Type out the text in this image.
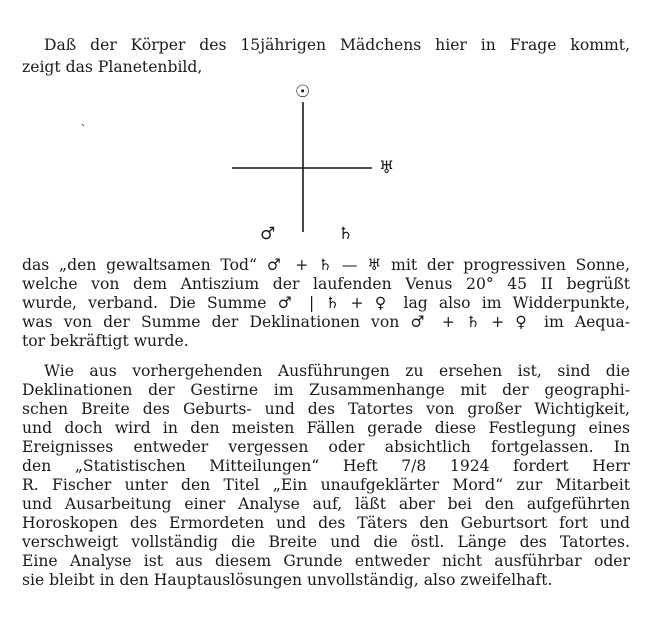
Daß der Körper des 15jährigen Mädchens hier in Frage kommt,
zeigt das Planetenbild,
☉
♅
♂	♄
das „den gewaltsamen Tod“ ♂ + ♄ — ♅ mit der progressiven Sonne,
welche von dem Antiszium der laufenden Venus 20° 45 II begrüßt
wurde, verband. Die Summe ♂ | ♄ + ♀ lag also im Widderpunkte,
was von der Summe der Deklinationen von ♂ + ♄ + ♀ im Aequa-
tor bekräftigt wurde.
Wie aus vorhergehenden Ausführungen zu ersehen ist, sind die
Deklinationen der Gestirne im Zusammenhange mit der geographi-
schen Breite des Geburts- und des Tatortes von großer Wichtigkeit,
und doch wird in den meisten Fällen gerade diese Festlegung eines
Ereignisses entweder vergessen oder absichtlich fortgelassen. In
den „Statistischen Mitteilungen“ Heft 7/8 1924 fordert Herr
R. Fischer unter den Titel „Ein unaufgeklärter Mord“ zur Mitarbeit
und Ausarbeitung einer Analyse auf, läßt aber bei den aufgeführten
Horoskopen des Ermordeten und des Täters den Geburtsort fort und
verschweigt vollständig die Breite und die östl. Länge des Tatortes.
Eine Analyse ist aus diesem Grunde entweder nicht ausführbar oder
sie bleibt in den Hauptauslösungen unvollständig, also zweifelhaft.
